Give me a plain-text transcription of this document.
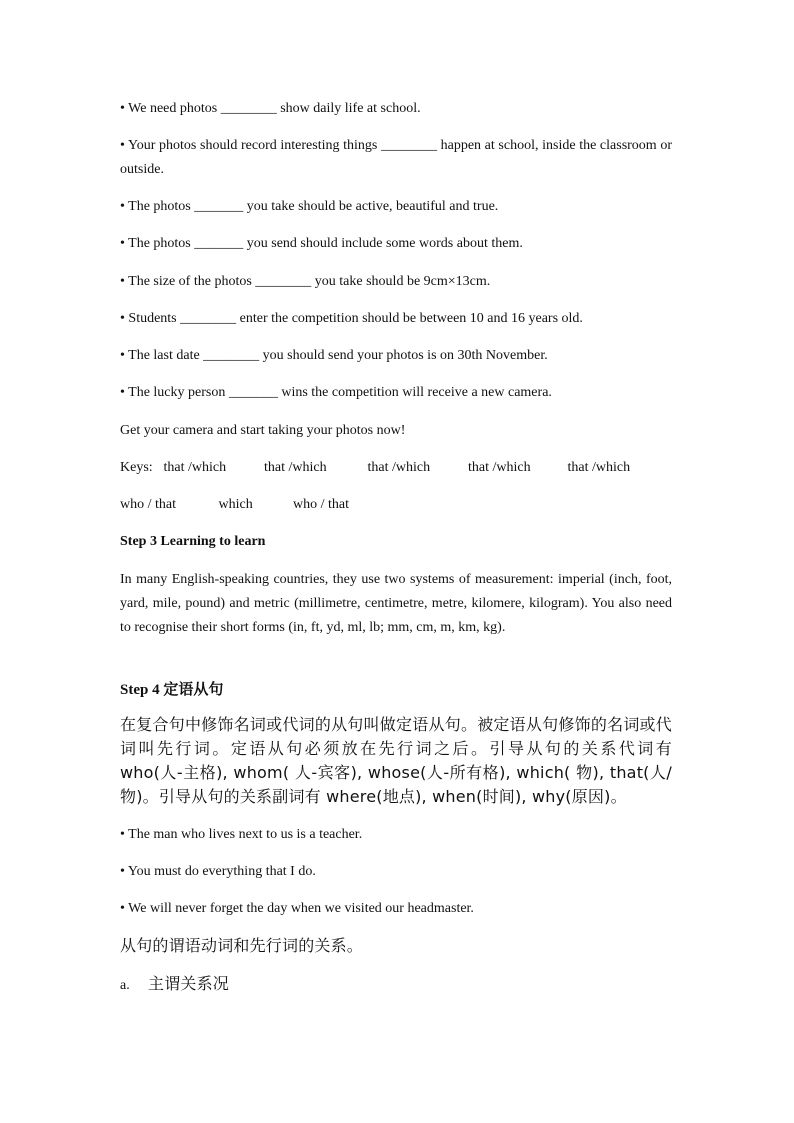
• We need photos ________ show daily life at school.

• Your photos should record interesting things ________ happen at school, inside the classroom or outside.

• The photos _______ you take should be active, beautiful and true.

• The photos _______ you send should include some words about them.

• The size of the photos ________ you take should be 9cm×13cm.

• Students ________ enter the competition should be between 10 and 16 years old.

• The last date ________ you should send your photos is on 30th November.

• The lucky person _______ wins the competition will receive a new camera.

Get your camera and start taking your photos now!

Keys: that /which	that /which	that /which	that /which	that /which

who / that	which	who / that

Step 3 Learning to learn

In many English-speaking countries, they use two systems of measurement: imperial (inch, foot, yard, mile, pound) and metric (millimetre, centimetre, metre, kilomere, kilogram). You also need to recognise their short forms (in, ft, yd, ml, lb; mm, cm, m, km, kg).

Step 4 定语从句

在复合句中修饰名词或代词的从句叫做定语从句。被定语从句修饰的名词或代词叫先行词。定语从句必须放在先行词之后。引导从句的关系代词有 who(人-主格), whom( 人-宾客), whose(人-所有格), which( 物), that(人/物)。引导从句的关系副词有 where(地点), when(时间), why(原因)。

• The man who lives next to us is a teacher.

• You must do everything that I do.

• We will never forget the day when we visited our headmaster.

从句的谓语动词和先行词的关系。

a. 主谓关系况
